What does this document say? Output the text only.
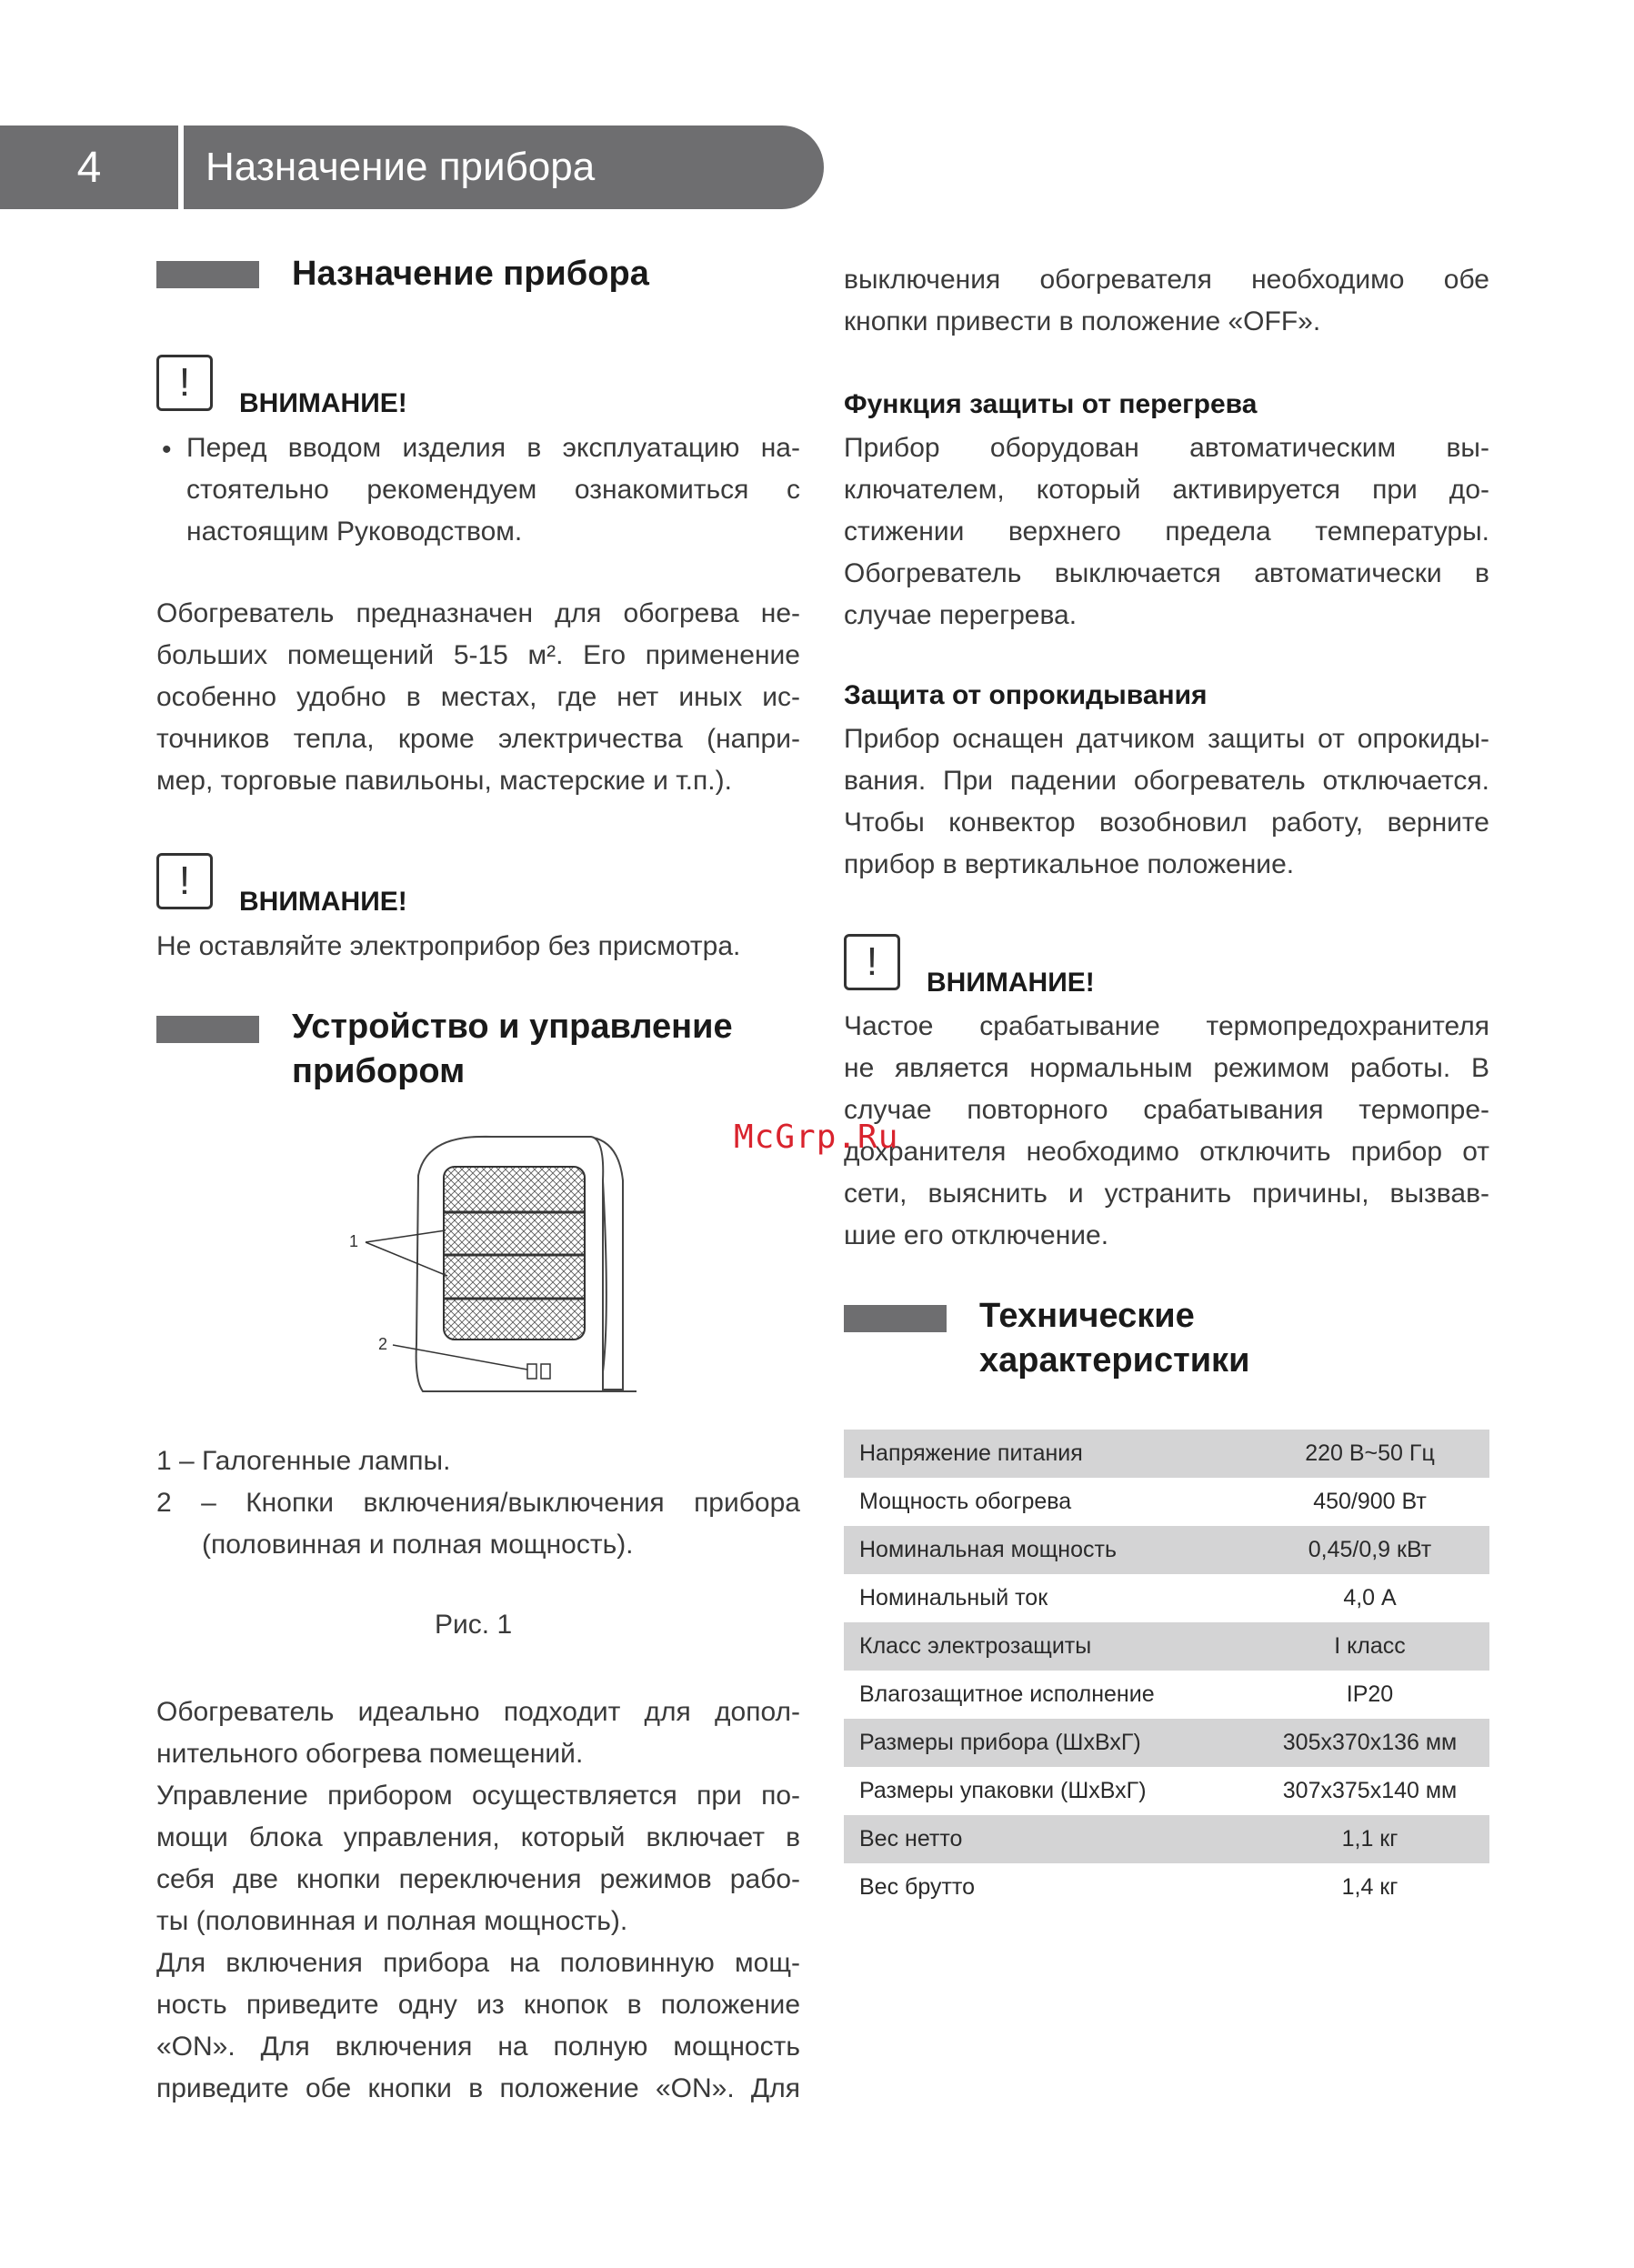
4	Назначение прибора
Назначение прибора
!	ВНИМАНИЕ!
• Перед вводом изделия в эксплуатацию на-
стоятельно рекомендуем ознакомиться с
настоящим Руководством.
Обогреватель предназначен для обогрева не-
больших помещений 5-15 м². Его применение
особенно удобно в местах, где нет иных ис-
точников тепла, кроме электричества (напри-
мер, торговые павильоны, мастерские и т.п.).
!	ВНИМАНИЕ!
Не оставляйте электроприбор без присмотра.
Устройство и управление
прибором
1
2
1 – Галогенные лампы.
2 – Кнопки включения/выключения прибора
(половинная и полная мощность).
Рис. 1
Обогреватель идеально подходит для допол-
нительного обогрева помещений.
Управление прибором осуществляется при по-
мощи блока управления, который включает в
себя две кнопки переключения режимов рабо-
ты (половинная и полная мощность).
Для включения прибора на половинную мощ-
ность приведите одну из кнопок в положение
«ON». Для включения на полную мощность
приведите обе кнопки в положение «ON». Для
выключения обогревателя необходимо обе
кнопки привести в положение «OFF».
Функция защиты от перегрева
Прибор оборудован автоматическим вы-
ключателем, который активируется при до-
стижении верхнего предела температуры.
Обогреватель выключается автоматически в
случае перегрева.
Защита от опрокидывания
Прибор оснащен датчиком защиты от опрокиды-
вания. При падении обогреватель отключается.
Чтобы конвектор возобновил работу, верните
прибор в вертикальное положение.
!	ВНИМАНИЕ!
Частое срабатывание термопредохранителя
не является нормальным режимом работы. В
случае повторного срабатывания термопре-
дохранителя необходимо отключить прибор от
сети, выяснить и устранить причины, вызвав-
шие его отключение.
McGrp.Ru
Технические
характеристики
Напряжение питания	220 В~50 Гц
Мощность обогрева	450/900 Вт
Номинальная мощность	0,45/0,9 кВт
Номинальный ток	4,0 А
Класс электрозащиты	I класс
Влагозащитное исполнение	IP20
Размеры прибора (ШхВхГ)	305х370х136 мм
Размеры упаковки (ШхВхГ)	307х375х140 мм
Вес нетто	1,1 кг
Вес брутто	1,4 кг
